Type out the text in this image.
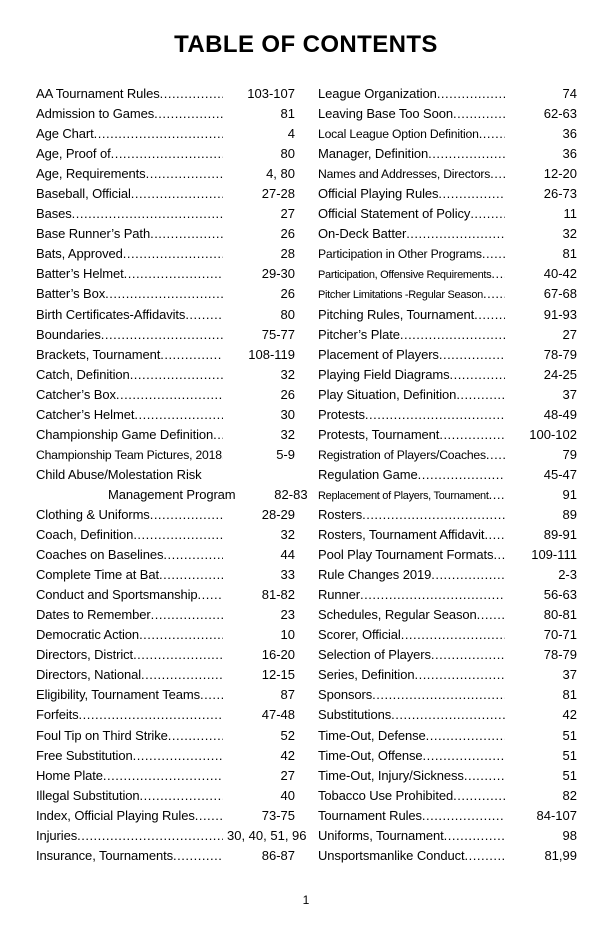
TABLE OF CONTENTS
AA Tournament Rules .....	103-107
Admission to Games .....	81
Age Chart .....	4
Age, Proof of .....	80
Age, Requirements .....	4, 80
Baseball, Official .....	27-28
Bases .....	27
Base Runner’s Path .....	26
Bats, Approved .....	28
Batter’s Helmet .....	29-30
Batter’s Box .....	26
Birth Certificates-Affidavits .....	80
Boundaries .....	75-77
Brackets, Tournament .....	108-119
Catch, Definition .....	32
Catcher’s Box .....	26
Catcher’s Helmet .....	30
Championship Game Definition .....	32
Championship Team Pictures, 2018 .....	5-9
Child Abuse/Molestation Risk
Management Program	82-83
Clothing & Uniforms .....	28-29
Coach, Definition .....	32
Coaches on Baselines .....	44
Complete Time at Bat .....	33
Conduct and Sportsmanship .....	81-82
Dates to Remember .....	23
Democratic Action .....	10
Directors, District .....	16-20
Directors, National .....	12-15
Eligibility, Tournament Teams .....	87
Forfeits .....	47-48
Foul Tip on Third Strike .....	52
Free Substitution .....	42
Home Plate .....	27
Illegal Substitution .....	40
Index, Official Playing Rules .....	73-75
Injuries .....	30, 40, 51, 96
Insurance, Tournaments .....	86-87
League Organization .....	74
Leaving Base Too Soon .....	62-63
Local League Option Definition .....	36
Manager, Definition .....	36
Names and Addresses, Directors .....	12-20
Official Playing Rules .....	26-73
Official Statement of Policy .....	11
On-Deck Batter .....	32
Participation in Other Programs .....	81
Participation, Offensive Requirements .....	40-42
Pitcher Limitations -Regular Season .....	67-68
Pitching Rules, Tournament .....	91-93
Pitcher’s Plate .....	27
Placement of Players .....	78-79
Playing Field Diagrams .....	24-25
Play Situation, Definition .....	37
Protests .....	48-49
Protests, Tournament .....	100-102
Registration of Players/Coaches .....	79
Regulation Game .....	45-47
Replacement of Players, Tournament .....	91
Rosters .....	89
Rosters, Tournament Affidavit .....	89-91
Pool Play Tournament Formats .....	109-111
Rule Changes 2019 .....	2-3
Runner .....	56-63
Schedules, Regular Season .....	80-81
Scorer, Official .....	70-71
Selection of Players .....	78-79
Series, Definition .....	37
Sponsors .....	81
Substitutions .....	42
Time-Out, Defense .....	51
Time-Out, Offense .....	51
Time-Out, Injury/Sickness .....	51
Tobacco Use Prohibited .....	82
Tournament Rules .....	84-107
Uniforms, Tournament .....	98
Unsportsmanlike Conduct .....	81,99
1
